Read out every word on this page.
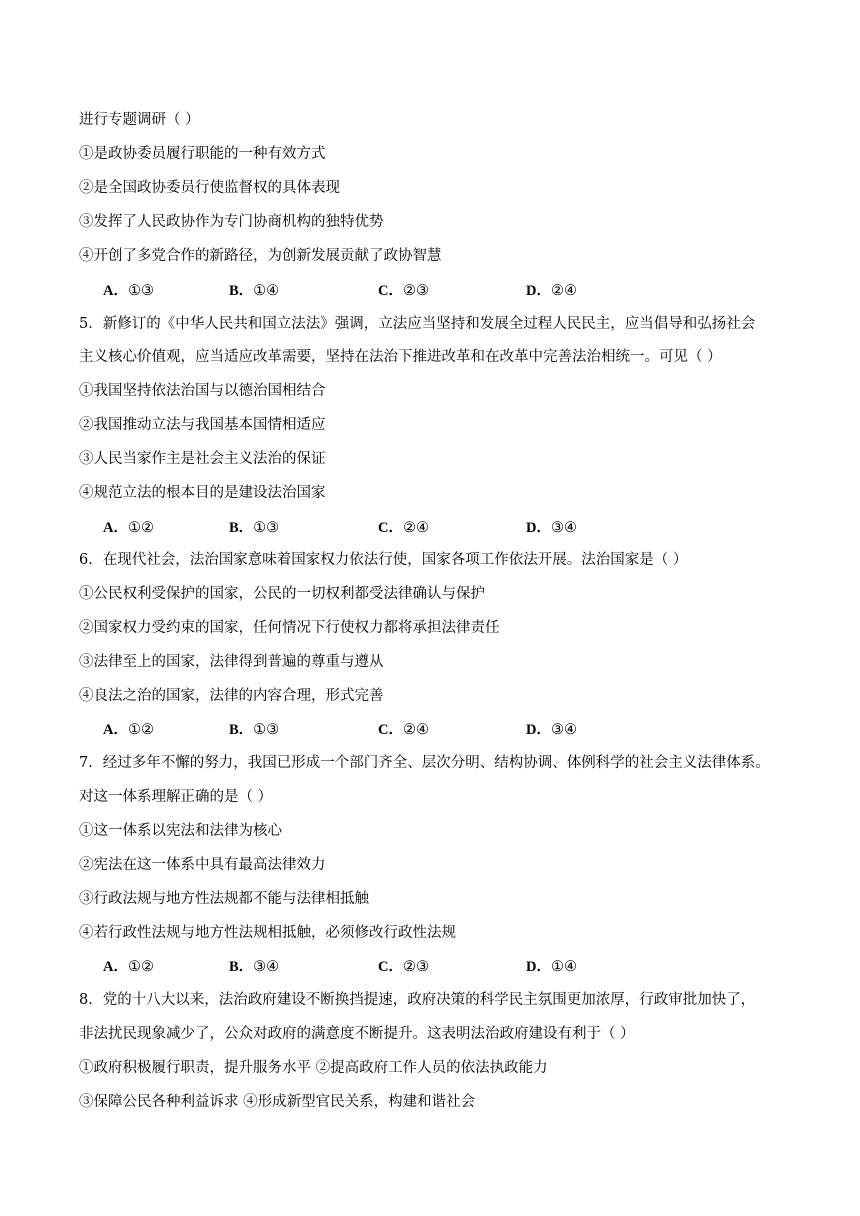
进行专题调研（ ）
①是政协委员履行职能的一种有效方式
②是全国政协委员行使监督权的具体表现
③发挥了人民政协作为专门协商机构的独特优势
④开创了多党合作的新路径，为创新发展贡献了政协智慧
A．①③	B．①④	C．②③	D．②④
5．新修订的《中华人民共和国立法法》强调，立法应当坚持和发展全过程人民民主，应当倡导和弘扬社会
主义核心价值观，应当适应改革需要，坚持在法治下推进改革和在改革中完善法治相统一。可见（ ）
①我国坚持依法治国与以德治国相结合
②我国推动立法与我国基本国情相适应
③人民当家作主是社会主义法治的保证
④规范立法的根本目的是建设法治国家
A．①②	B．①③	C．②④	D．③④
6．在现代社会，法治国家意味着国家权力依法行使，国家各项工作依法开展。法治国家是（ ）
①公民权利受保护的国家，公民的一切权利都受法律确认与保护
②国家权力受约束的国家，任何情况下行使权力都将承担法律责任
③法律至上的国家，法律得到普遍的尊重与遵从
④良法之治的国家，法律的内容合理，形式完善
A．①②	B．①③	C．②④	D．③④
7．经过多年不懈的努力，我国已形成一个部门齐全、层次分明、结构协调、体例科学的社会主义法律体系。
对这一体系理解正确的是（ ）
①这一体系以宪法和法律为核心
②宪法在这一体系中具有最高法律效力
③行政法规与地方性法规都不能与法律相抵触
④若行政性法规与地方性法规相抵触，必须修改行政性法规
A．①②	B．③④	C．②③	D．①④
8．党的十八大以来，法治政府建设不断换挡提速，政府决策的科学民主氛围更加浓厚，行政审批加快了，
非法扰民现象减少了，公众对政府的满意度不断提升。这表明法治政府建设有利于（ ）
①政府积极履行职责，提升服务水平 ②提高政府工作人员的依法执政能力
③保障公民各种利益诉求 ④形成新型官民关系，构建和谐社会
